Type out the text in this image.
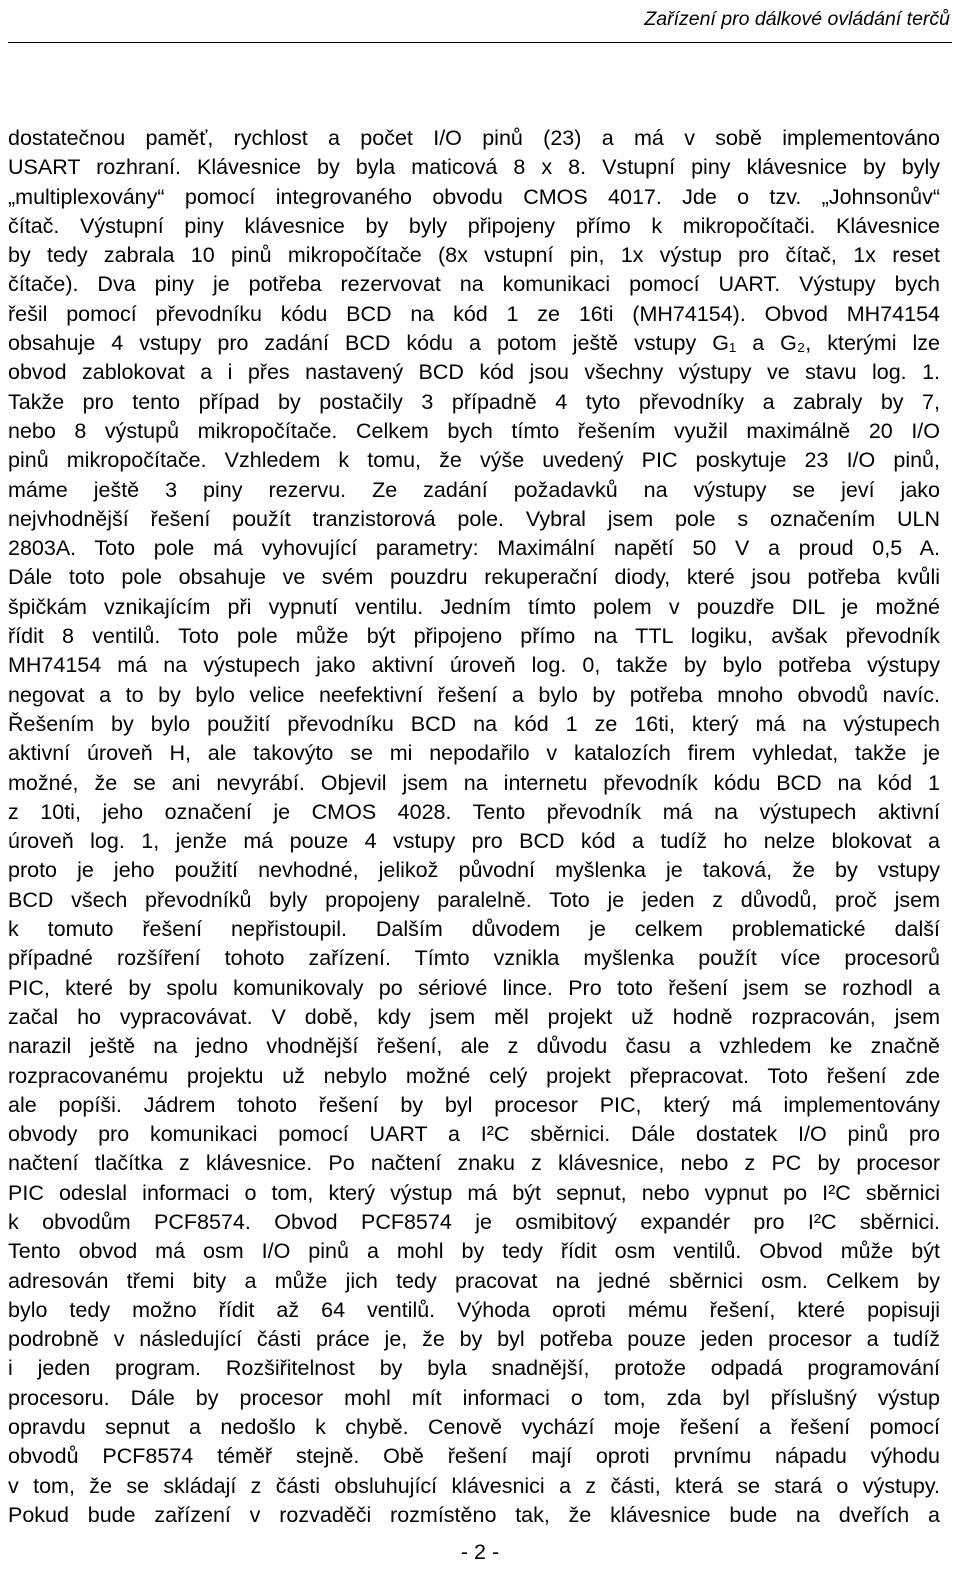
Zařízení pro dálkové ovládání terčů
dostatečnou paměť, rychlost a počet I/O pinů (23) a má v sobě implementováno
USART rozhraní. Klávesnice by byla maticová 8 x 8. Vstupní piny klávesnice by byly
„multiplexovány“ pomocí integrovaného obvodu CMOS 4017. Jde o tzv. „Johnsonův“
čítač. Výstupní piny klávesnice by byly připojeny přímo k mikropočítači. Klávesnice
by tedy zabrala 10 pinů mikropočítače (8x vstupní pin, 1x výstup pro čítač, 1x reset
čítače). Dva piny je potřeba rezervovat na komunikaci pomocí UART. Výstupy bych
řešil pomocí převodníku kódu BCD na kód 1 ze 16ti (MH74154). Obvod MH74154
obsahuje 4 vstupy pro zadání BCD kódu a potom ještě vstupy G₁ a G₂, kterými lze
obvod zablokovat a i přes nastavený BCD kód jsou všechny výstupy ve stavu log. 1.
Takže pro tento případ by postačily 3 případně 4 tyto převodníky a zabraly by 7,
nebo 8 výstupů mikropočítače. Celkem bych tímto řešením využil maximálně 20 I/O
pinů mikropočítače. Vzhledem k tomu, že výše uvedený PIC poskytuje 23 I/O pinů,
máme ještě 3 piny rezervu. Ze zadání požadavků na výstupy se jeví jako
nejvhodnější řešení použít tranzistorová pole. Vybral jsem pole s označením ULN
2803A. Toto pole má vyhovující parametry: Maximální napětí 50 V a proud 0,5 A.
Dále toto pole obsahuje ve svém pouzdru rekuperační diody, které jsou potřeba kvůli
špičkám vznikajícím při vypnutí ventilu. Jedním tímto polem v pouzdře DIL je možné
řídit 8 ventilů. Toto pole může být připojeno přímo na TTL logiku, avšak převodník
MH74154 má na výstupech jako aktivní úroveň log. 0, takže by bylo potřeba výstupy
negovat a to by bylo velice neefektivní řešení a bylo by potřeba mnoho obvodů navíc.
Řešením by bylo použití převodníku BCD na kód 1 ze 16ti, který má na výstupech
aktivní úroveň H, ale takovýto se mi nepodařilo v katalozích firem vyhledat, takže je
možné, že se ani nevyrábí. Objevil jsem na internetu převodník kódu BCD na kód 1
z 10ti, jeho označení je CMOS 4028. Tento převodník má na výstupech aktivní
úroveň log. 1, jenže má pouze 4 vstupy pro BCD kód a tudíž ho nelze blokovat a
proto je jeho použití nevhodné, jelikož původní myšlenka je taková, že by vstupy
BCD všech převodníků byly propojeny paralelně. Toto je jeden z důvodů, proč jsem
k tomuto řešení nepřistoupil. Dalším důvodem je celkem problematické další
případné rozšíření tohoto zařízení. Tímto vznikla myšlenka použít více procesorů
PIC, které by spolu komunikovaly po sériové lince. Pro toto řešení jsem se rozhodl a
začal ho vypracovávat. V době, kdy jsem měl projekt už hodně rozpracován, jsem
narazil ještě na jedno vhodnější řešení, ale z důvodu času a vzhledem ke značně
rozpracovanému projektu už nebylo možné celý projekt přepracovat. Toto řešení zde
ale popíši. Jádrem tohoto řešení by byl procesor PIC, který má implementovány
obvody pro komunikaci pomocí UART a I²C sběrnici. Dále dostatek I/O pinů pro
načtení tlačítka z klávesnice. Po načtení znaku z klávesnice, nebo z PC by procesor
PIC odeslal informaci o tom, který výstup má být sepnut, nebo vypnut po I²C sběrnici
k obvodům PCF8574. Obvod PCF8574 je osmibitový expandér pro I²C sběrnici.
Tento obvod má osm I/O pinů a mohl by tedy řídit osm ventilů. Obvod může být
adresován třemi bity a může jich tedy pracovat na jedné sběrnici osm. Celkem by
bylo tedy možno řídit až 64 ventilů. Výhoda oproti mému řešení, které popisuji
podrobně v následující části práce je, že by byl potřeba pouze jeden procesor a tudíž
i jeden program. Rozšiřitelnost by byla snadnější, protože odpadá programování
procesoru. Dále by procesor mohl mít informaci o tom, zda byl příslušný výstup
opravdu sepnut a nedošlo k chybě. Cenově vychází moje řešení a řešení pomocí
obvodů PCF8574 téměř stejně. Obě řešení mají oproti prvnímu nápadu výhodu
v tom, že se skládají z části obsluhující klávesnici a z části, která se stará o výstupy.
Pokud bude zařízení v rozvaděči rozmístěno tak, že klávesnice bude na dveřích a
- 2 -
